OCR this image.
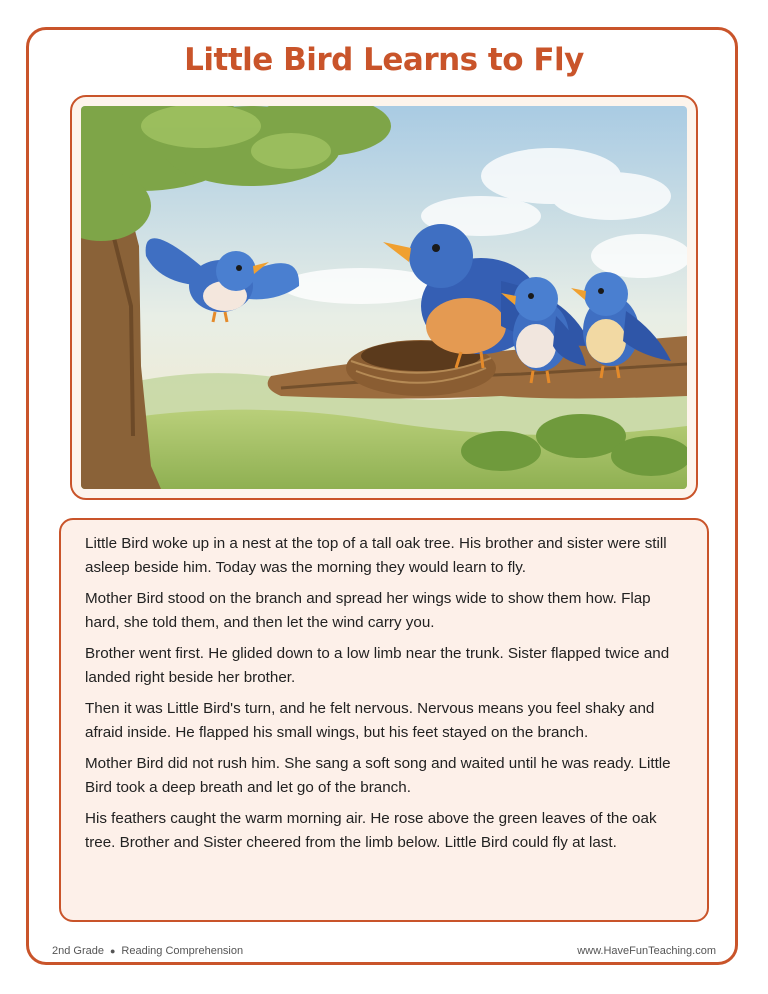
Little Bird Learns to Fly

Little Bird woke up in a nest at the top of a tall oak tree. His brother and sister were still asleep beside him. Today was the morning they would learn to fly.

Mother Bird stood on the branch and spread her wings wide to show them how. Flap hard, she told them, and then let the wind carry you.

Brother went first. He glided down to a low limb near the trunk. Sister flapped twice and landed right beside her brother.

Then it was Little Bird's turn, and he felt nervous. Nervous means you feel shaky and afraid inside. He flapped his small wings, but his feet stayed on the branch.

Mother Bird did not rush him. She sang a soft song and waited until he was ready. Little Bird took a deep breath and let go of the branch.

His feathers caught the warm morning air. He rose above the green leaves of the oak tree. Brother and Sister cheered from the limb below. Little Bird could fly at last.

2nd Grade ● Reading Comprehension	www.HaveFunTeaching.com
